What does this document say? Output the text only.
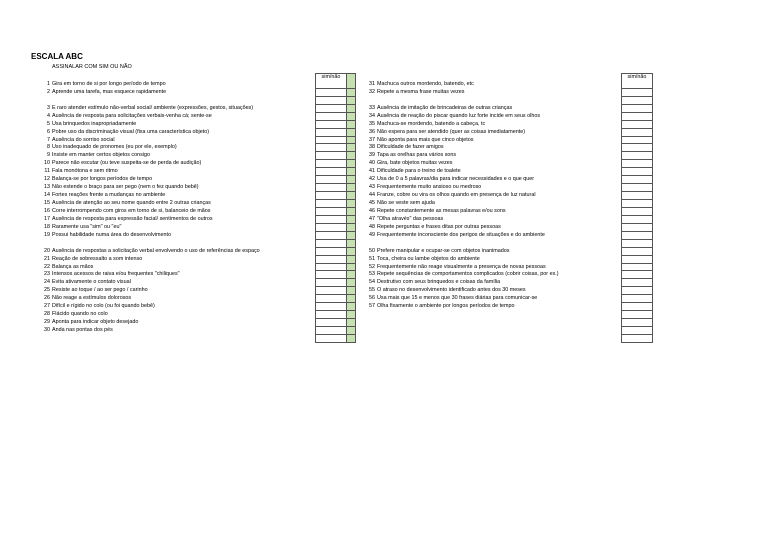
ESCALA ABC
ASSINALAR COM SIM OU NÃO
sim/não	sim/não
1 Gira em torno de si por longo período de tempo	31 Machuca outros mordendo, batendo, etc
2 Aprende uma tarefa, mas esquece rapidamente	32 Repete a mesma frase muitas vezes
3 É raro atender estímulo não-verbal social/ ambiente (expressões, gestos, situações)	33 Ausência de imitação de brincadeiras de outras crianças
4 Ausência de resposta para solicitações verbais-venha cá; sente-se	34 Ausência de reação do piscar quando luz forte incide em seus olhos
5 Usa brinquedos inapropriadamente	35 Machuca-se mordendo, batendo a cabeça, tc
6 Pobre uso da discriminação visual (fixa uma característica objeto)	36 Não espera para ser atendido (quer as coisas imediatamente)
7 Ausência do sorriso social	37 Não aponta para mais que cinco objetos
8 Uso inadequado de pronomes (eu por ele, exemplo)	38 Dificuldade de fazer amigos
9 Insiste em manter certos objetos consigo	39 Tapa as orelhas para vários sons
10 Parece não escutar (ou teve suspeita-se de perda de audição)	40 Gira, bate objetos muitas vezes
11 Fala monótona e sem ritmo	41 Dificuldade para o treino de toalete
12 Balança-se por longos períodos de tempo	42 Usa de 0 a 5 palavras/dia para indicar necessidades e o que quer
13 Não estende o braço para ser pego (nem o fez quando bebê)	43 Frequentemente muito ansioso ou medroso
14 Fortes reações frente a mudanças no ambiente	44 Franze, cobre ou vira os olhos quando em presença de luz natural
15 Ausência de atenção ao seu nome quando entre 2 outras crianças	45 Não se veste sem ajuda
16 Corre interrompendo com giros em torno de si, balanceio de mãos	46 Repete constantemente as mesas palavras e/ou sons
17 Ausência de resposta para expressão facial/ sentimentos de outros	47 "Olha através" das pessoas
18 Raramente usa "sim" ou "eu"	48 Repete perguntas e frases ditas por outras pessoas
19 Possui habilidade numa área do desenvolvimento	49 Frequentemente inconsciente dos perigos de situações e do ambiente
20 Ausência de respostas a solicitação verbal envolvendo o uso de referências de espaço	50 Prefere manipular e ocupar-se com objetos inanimados
21 Reação de sobressalto a som intenso	51 Toca, cheira ou lambe objetos do ambiente
22 Balança as mãos	52 Frequentemente não reage visualmente a presença de novas pessoas
23 Intensos acessos de raiva e/ou frequentes "chiliques"	53 Repete sequências de comportamentos complicados (cobrir coisas, por ex.)
24 Evita ativamente o contato visual	54 Destrutivo com seus brinquedos e coisas da família
25 Resiste ao toque / ao ser pego / carinho	55 O atraso no desenvolvimento identificado antes dos 30 meses
26 Não reage a estímulos dolorosos	56 Usa mais que 15 e menos que 30 frases diárias para comunicar-se
27 Difícil e rígido no colo (ou foi quando bebê)	57 Olha fixamente o ambiente por longos períodos de tempo
28 Flácido quando no colo
29 Aponta para indicar objeto desejado
30 Anda nas pontas dos pés
